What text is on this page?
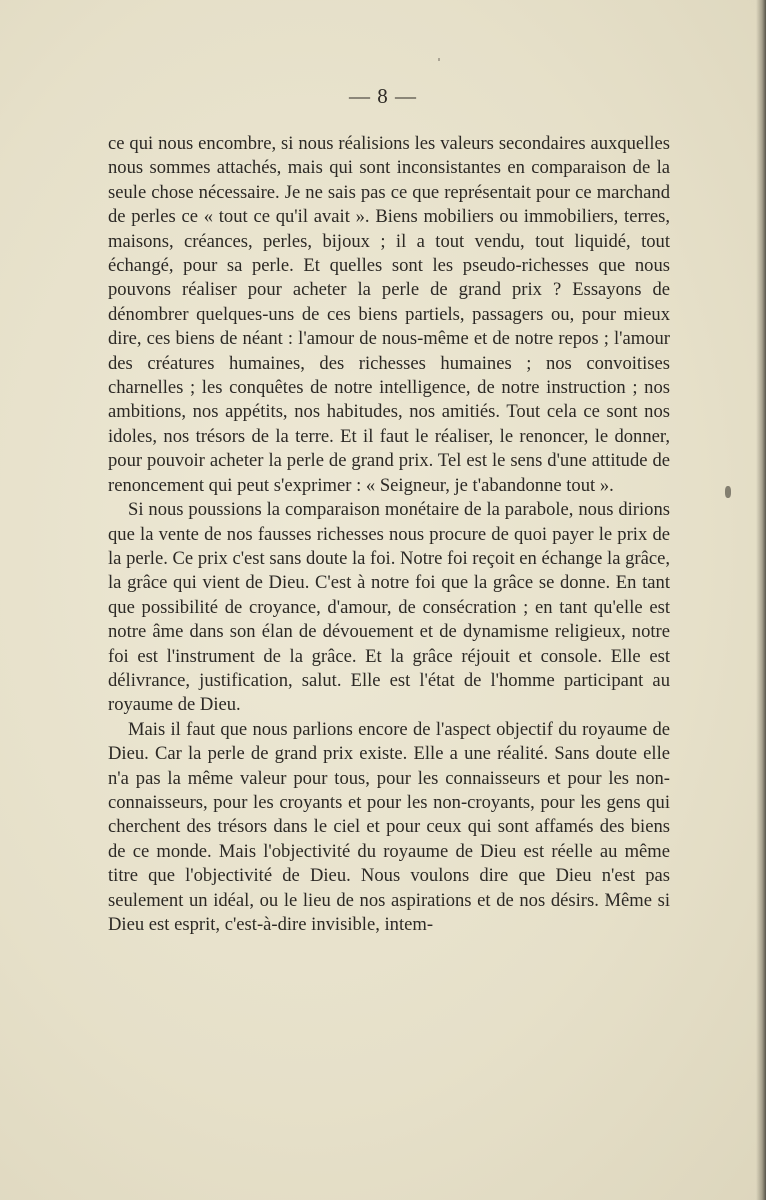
— 8 —

ce qui nous encombre, si nous réalisions les valeurs secondaires auxquelles nous sommes attachés, mais qui sont inconsistantes en comparaison de la seule chose nécessaire. Je ne sais pas ce que représentait pour ce marchand de perles ce « tout ce qu'il avait ». Biens mobiliers ou immobiliers, terres, maisons, créances, perles, bijoux ; il a tout vendu, tout liquidé, tout échangé, pour sa perle. Et quelles sont les pseudo-richesses que nous pouvons réaliser pour acheter la perle de grand prix ? Essayons de dénombrer quelques-uns de ces biens partiels, passagers ou, pour mieux dire, ces biens de néant : l'amour de nous-même et de notre repos ; l'amour des créatures humaines, des richesses humaines ; nos convoitises charnelles ; les conquêtes de notre intelligence, de notre instruction ; nos ambitions, nos appétits, nos habitudes, nos amitiés. Tout cela ce sont nos idoles, nos trésors de la terre. Et il faut le réaliser, le renoncer, le donner, pour pouvoir acheter la perle de grand prix. Tel est le sens d'une attitude de renoncement qui peut s'exprimer : « Seigneur, je t'abandonne tout ».

Si nous poussions la comparaison monétaire de la parabole, nous dirions que la vente de nos fausses richesses nous procure de quoi payer le prix de la perle. Ce prix c'est sans doute la foi. Notre foi reçoit en échange la grâce, la grâce qui vient de Dieu. C'est à notre foi que la grâce se donne. En tant que possibilité de croyance, d'amour, de consécration ; en tant qu'elle est notre âme dans son élan de dévouement et de dynamisme religieux, notre foi est l'instrument de la grâce. Et la grâce réjouit et console. Elle est délivrance, justification, salut. Elle est l'état de l'homme participant au royaume de Dieu.

Mais il faut que nous parlions encore de l'aspect objectif du royaume de Dieu. Car la perle de grand prix existe. Elle a une réalité. Sans doute elle n'a pas la même valeur pour tous, pour les connaisseurs et pour les non-connaisseurs, pour les croyants et pour les non-croyants, pour les gens qui cherchent des trésors dans le ciel et pour ceux qui sont affamés des biens de ce monde. Mais l'objectivité du royaume de Dieu est réelle au même titre que l'objectivité de Dieu. Nous voulons dire que Dieu n'est pas seulement un idéal, ou le lieu de nos aspirations et de nos désirs. Même si Dieu est esprit, c'est-à-dire invisible, intem-
